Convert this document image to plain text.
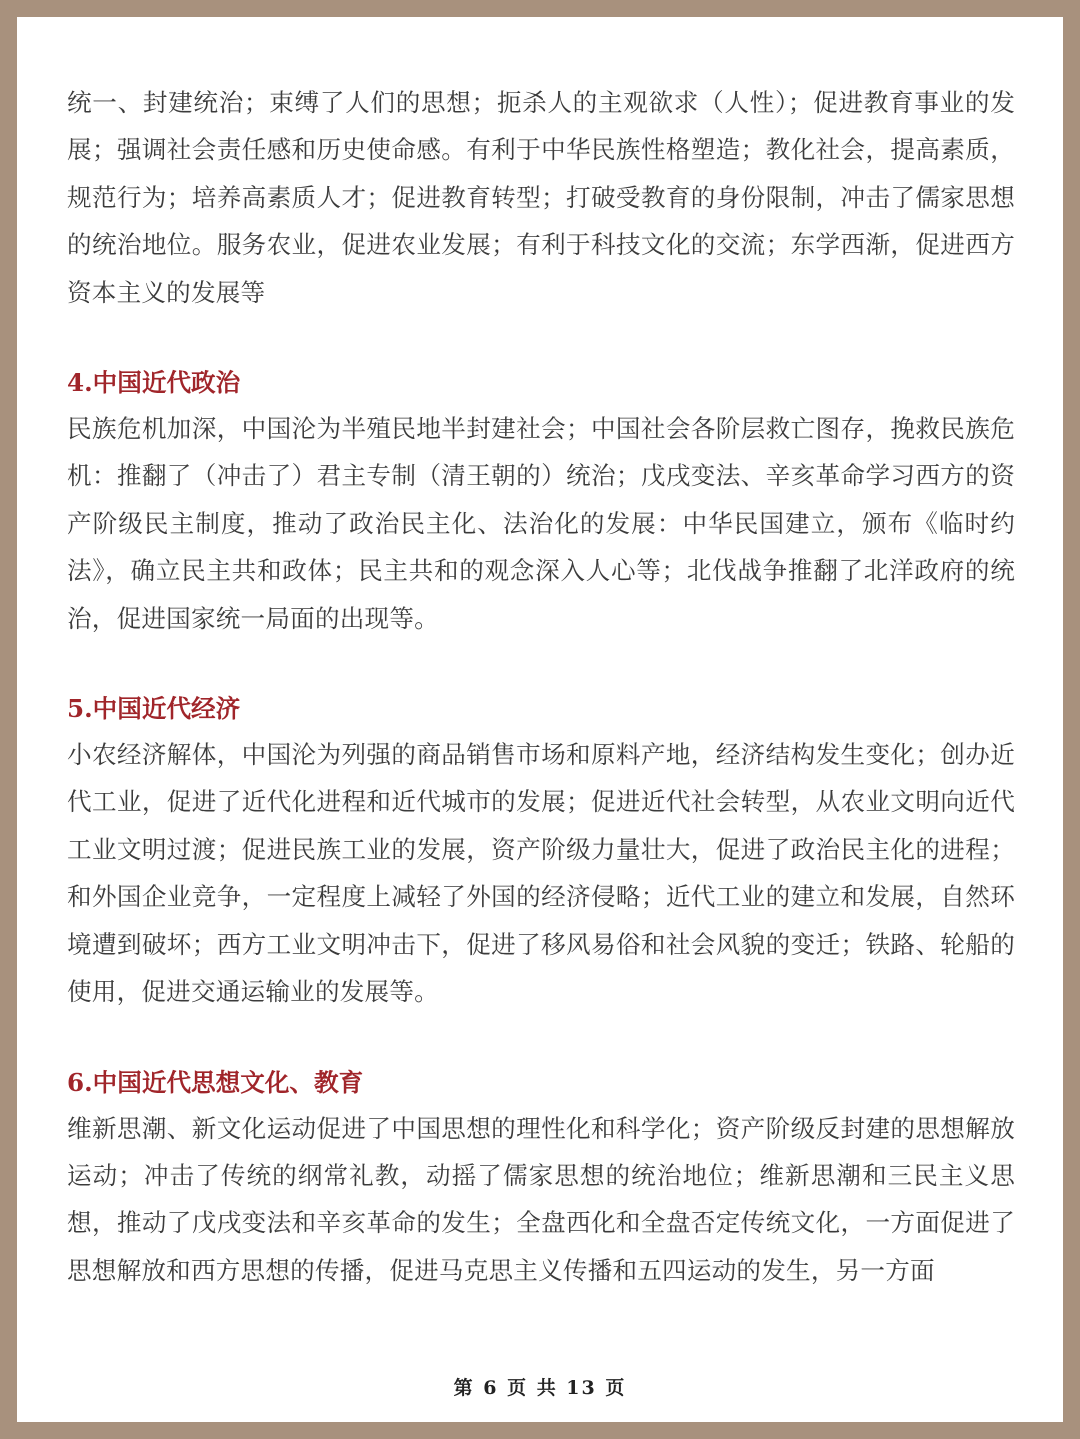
统一、封建统治；束缚了人们的思想；扼杀人的主观欲求（人性）；促进教育事业的发展；强调社会责任感和历史使命感。有利于中华民族性格塑造；教化社会，提高素质，规范行为；培养高素质人才；促进教育转型；打破受教育的身份限制，冲击了儒家思想的统治地位。服务农业，促进农业发展；有利于科技文化的交流；东学西渐，促进西方资本主义的发展等

4.中国近代政治

民族危机加深，中国沦为半殖民地半封建社会；中国社会各阶层救亡图存，挽救民族危机：推翻了（冲击了）君主专制（清王朝的）统治；戊戌变法、辛亥革命学习西方的资产阶级民主制度，推动了政治民主化、法治化的发展：中华民国建立，颁布《临时约法》，确立民主共和政体；民主共和的观念深入人心等；北伐战争推翻了北洋政府的统治，促进国家统一局面的出现等。

5.中国近代经济

小农经济解体，中国沦为列强的商品销售市场和原料产地，经济结构发生变化；创办近代工业，促进了近代化进程和近代城市的发展；促进近代社会转型，从农业文明向近代工业文明过渡；促进民族工业的发展，资产阶级力量壮大，促进了政治民主化的进程；和外国企业竞争，一定程度上减轻了外国的经济侵略；近代工业的建立和发展，自然环境遭到破坏；西方工业文明冲击下，促进了移风易俗和社会风貌的变迁；铁路、轮船的使用，促进交通运输业的发展等。

6.中国近代思想文化、教育

维新思潮、新文化运动促进了中国思想的理性化和科学化；资产阶级反封建的思想解放运动；冲击了传统的纲常礼教，动摇了儒家思想的统治地位；维新思潮和三民主义思想，推动了戊戌变法和辛亥革命的发生；全盘西化和全盘否定传统文化，一方面促进了思想解放和西方思想的传播，促进马克思主义传播和五四运动的发生，另一方面

第 6 页 共 13 页
